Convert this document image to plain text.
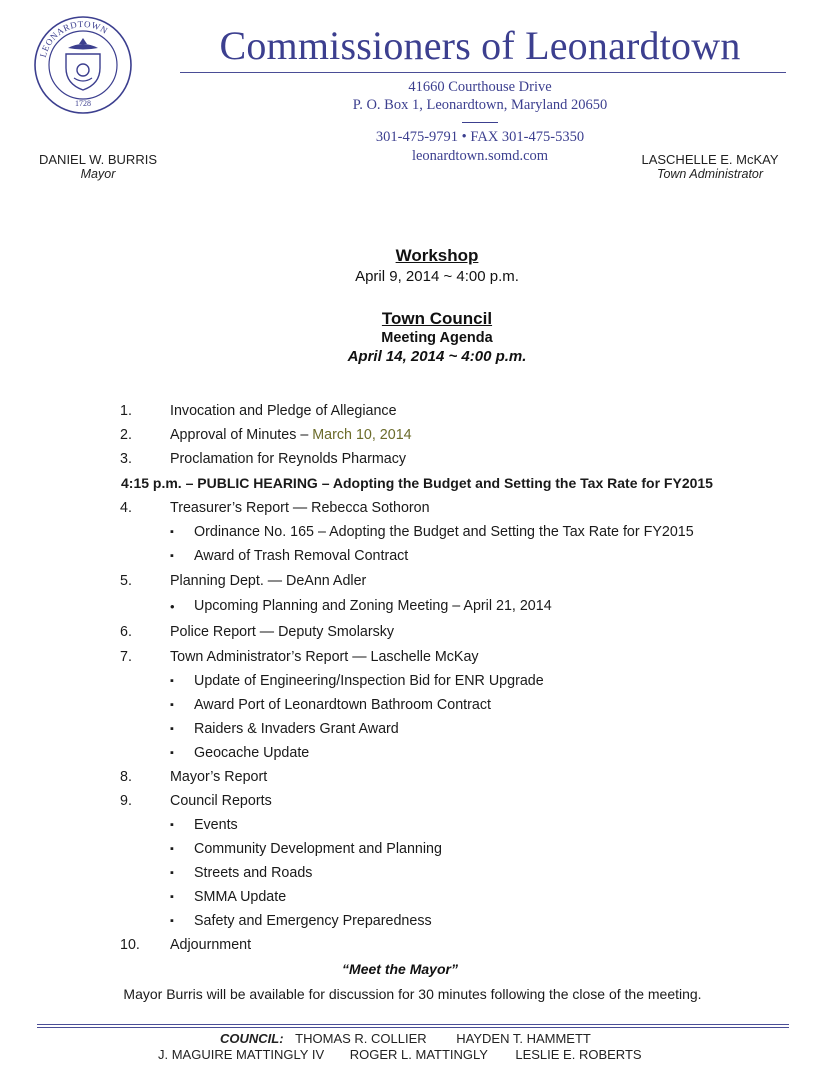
LEONARDTOWN
1728
Commissioners of Leonardtown
41660 Courthouse Drive
P. O. Box 1, Leonardtown, Maryland 20650
301-475-9791 • FAX 301-475-5350
leonardtown.somd.com
DANIEL W. BURRIS
Mayor
LASCHELLE E. McKAY
Town Administrator
Workshop
April 9, 2014 ~ 4:00 p.m.
Town Council
Meeting Agenda
April 14, 2014 ~ 4:00 p.m.
1.	Invocation and Pledge of Allegiance
2.	Approval of Minutes – March 10, 2014
3.	Proclamation for Reynolds Pharmacy
4:15 p.m. – PUBLIC HEARING – Adopting the Budget and Setting the Tax Rate for FY2015
4.	Treasurer’s Report — Rebecca Sothoron
▪ Ordinance No. 165 – Adopting the Budget and Setting the Tax Rate for FY2015
▪ Award of Trash Removal Contract
5.	Planning Dept. — DeAnn Adler
• Upcoming Planning and Zoning Meeting – April 21, 2014
6.	Police Report — Deputy Smolarsky
7.	Town Administrator’s Report — Laschelle McKay
▪ Update of Engineering/Inspection Bid for ENR Upgrade
▪ Award Port of Leonardtown Bathroom Contract
▪ Raiders & Invaders Grant Award
▪ Geocache Update
8.	Mayor’s Report
9.	Council Reports
▪ Events
▪ Community Development and Planning
▪ Streets and Roads
▪ SMMA Update
▪ Safety and Emergency Preparedness
10.	Adjournment
“Meet the Mayor”
Mayor Burris will be available for discussion for 30 minutes following the close of the meeting.
COUNCIL: THOMAS R. COLLIER HAYDEN T. HAMMETT
J. MAGUIRE MATTINGLY IV ROGER L. MATTINGLY LESLIE E. ROBERTS
